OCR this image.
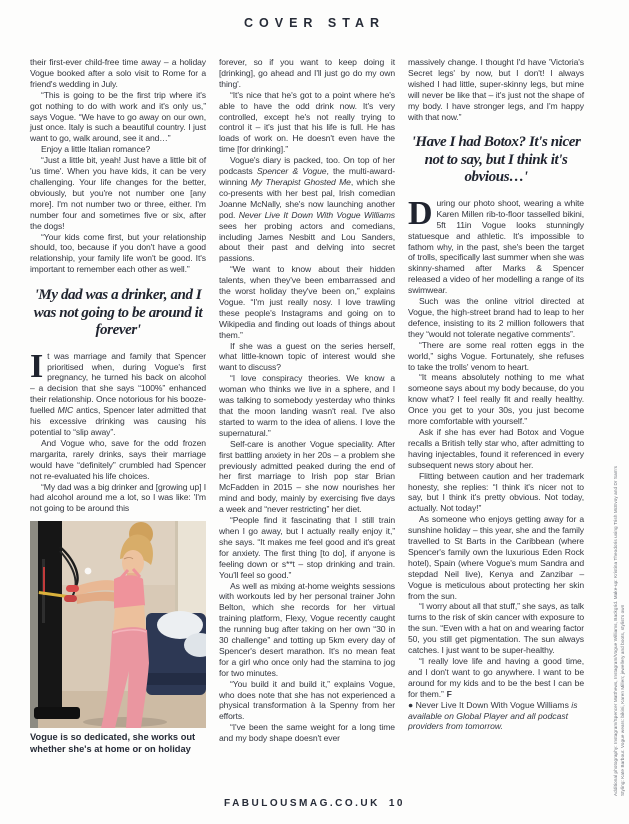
COVER STAR

their first-ever child-free time away – a holiday Vogue booked after a solo visit to Rome for a friend's wedding in July.

“This is going to be the first trip where it's got nothing to do with work and it's only us,” says Vogue. “We have to go away on our own, just once. Italy is such a beautiful country. I just want to go, walk around, see it and…”

Enjoy a little Italian romance?

“Just a little bit, yeah! Just have a little bit of 'us time'. When you have kids, it can be very challenging. Your life changes for the better, obviously, but you're not number one [any more]. I'm not number two or three, either. I'm number four and sometimes five or six, after the dogs!

“Your kids come first, but your relationship should, too, because if you don't have a good relationship, your family life won't be good. It's important to remember each other as well.”

'My dad was a drinker, and I was not going to be around it forever'

It was marriage and family that Spencer prioritised when, during Vogue's first pregnancy, he turned his back on alcohol – a decision that she says “100%” enhanced their relationship. Once notorious for his booze-fuelled MIC antics, Spencer later admitted that his excessive drinking was causing his potential to “slip away”.

And Vogue who, save for the odd frozen margarita, rarely drinks, says their marriage would have “definitely” crumbled had Spencer not re-evaluated his life choices.

“My dad was a big drinker and [growing up] I had alcohol around me a lot, so I was like: 'I'm not going to be around this

Vogue is so dedicated, she works out whether she's at home or on holiday

forever, so if you want to keep doing it [drinking], go ahead and I'll just go do my own thing'.

“It's nice that he's got to a point where he's able to have the odd drink now. It's very controlled, except he's not really trying to control it – it's just that his life is full. He has loads of work on. He doesn't even have the time [for drinking].”

Vogue's diary is packed, too. On top of her podcasts Spencer & Vogue, the multi-award-winning My Therapist Ghosted Me, which she co-presents with her best pal, Irish comedian Joanne McNally, she's now launching another pod. Never Live It Down With Vogue Williams sees her probing actors and comedians, including James Nesbitt and Lou Sanders, about their past and delving into secret passions.

“We want to know about their hidden talents, when they've been embarrassed and the worst holiday they've been on,” explains Vogue. “I'm just really nosy. I love trawling these people's Instagrams and going on to Wikipedia and finding out loads of things about them.”

If she was a guest on the series herself, what little-known topic of interest would she want to discuss?

“I love conspiracy theories. We know a woman who thinks we live in a sphere, and I was talking to somebody yesterday who thinks that the moon landing wasn't real. I've also started to warm to the idea of aliens. I love the supernatural.”

Self-care is another Vogue speciality. After first battling anxiety in her 20s – a problem she previously admitted peaked during the end of her first marriage to Irish pop star Brian McFadden in 2015 – she now nourishes her mind and body, mainly by exercising five days a week and “never restricting” her diet.

“People find it fascinating that I still train when I go away, but I actually really enjoy it,” she says. “It makes me feel good and it's great for anxiety. The first thing [to do], if anyone is feeling down or s**t – stop drinking and train. You'll feel so good.”

As well as mixing at-home weights sessions with workouts led by her personal trainer John Belton, which she records for her virtual training platform, Flexy, Vogue recently caught the running bug after taking on her own “30 in 30 challenge” and totting up 5km every day of Spencer's desert marathon. It's no mean feat for a girl who once only had the stamina to jog for two minutes.

“You build it and build it,” explains Vogue, who does note that she has not experienced a physical transformation à la Spenny from her efforts.

“I've been the same weight for a long time and my body shape doesn't ever

massively change. I thought I'd have 'Victoria's Secret legs' by now, but I don't! I always wished I had little, super-skinny legs, but mine will never be like that – it's just not the shape of my body. I have stronger legs, and I'm happy with that now.”

'Have I had Botox? It's nicer not to say, but I think it's obvious…'

During our photo shoot, wearing a white Karen Millen rib-to-floor tasselled bikini, 5ft 11in Vogue looks stunningly statuesque and athletic. It's impossible to fathom why, in the past, she's been the target of trolls, specifically last summer when she was skinny-shamed after Marks & Spencer released a video of her modelling a range of its swimwear.

Such was the online vitriol directed at Vogue, the high-street brand had to leap to her defence, insisting to its 2 million followers that they “would not tolerate negative comments”.

“There are some real rotten eggs in the world,” sighs Vogue. Fortunately, she refuses to take the trolls' venom to heart.

“It means absolutely nothing to me what someone says about my body because, do you know what? I feel really fit and really healthy. Once you get to your 30s, you just become more comfortable with yourself.”

Ask if she has ever had Botox and Vogue recalls a British telly star who, after admitting to having injectables, found it referenced in every subsequent news story about her.

Flitting between caution and her trademark honesty, she replies: “I think it's nicer not to say, but I think it's pretty obvious. Not today, actually. Not today!”

As someone who enjoys getting away for a sunshine holiday – this year, she and the family travelled to St Barts in the Caribbean (where Spencer's family own the luxurious Eden Rock hotel), Spain (where Vogue's mum Sandra and stepdad Neil live), Kenya and Zanzibar – Vogue is meticulous about protecting her skin from the sun.

“I worry about all that stuff,” she says, as talk turns to the risk of skin cancer with exposure to the sun. “Even with a hat on and wearing factor 50, you still get pigmentation. The sun always catches. I just want to be super-healthy.

“I really love life and having a good time, and I don't want to go anywhere. I want to be around for my kids and to be the best I can be for them.” F

● Never Live It Down With Vogue Williams is available on Global Player and all podcast providers from tomorrow.	Additional photography: Instagram/Spencer Matthews, Instagram/Vogue Williams, Backgrid. Make-up: Kristina Theodoris using Trish McEvoy and Dr Sam's Styling: Kate Barbour. Vogue wears: bikini, Karen Millen; jewellery and boots, stylist's own
FABULOUSMAG.CO.UK 10
